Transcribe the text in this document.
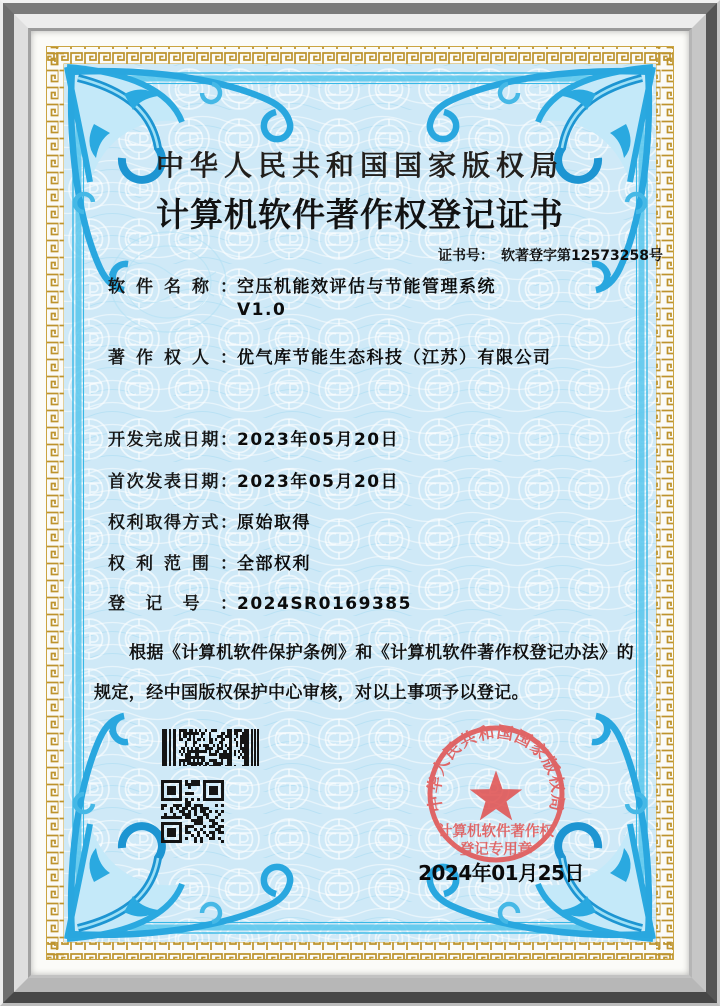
中华人民共和国国家版权局
计算机软件著作权登记证书
证书号： 软著登字第12573258号
软件名称： 空压机能效评估与节能管理系统
V1.0
著作权人： 优气库节能生态科技（江苏）有限公司
开发完成日期： 2023年05月20日
首次发表日期： 2023年05月20日
权利取得方式： 原始取得
权利范围： 全部权利
登记号： 2024SR0169385
根据《计算机软件保护条例》和《计算机软件著作权登记办法》的规定，经中国版权保护中心审核，对以上事项予以登记。
中华人民共和国国家版权局
计算机软件著作权
登记专用章
2024年01月25日
